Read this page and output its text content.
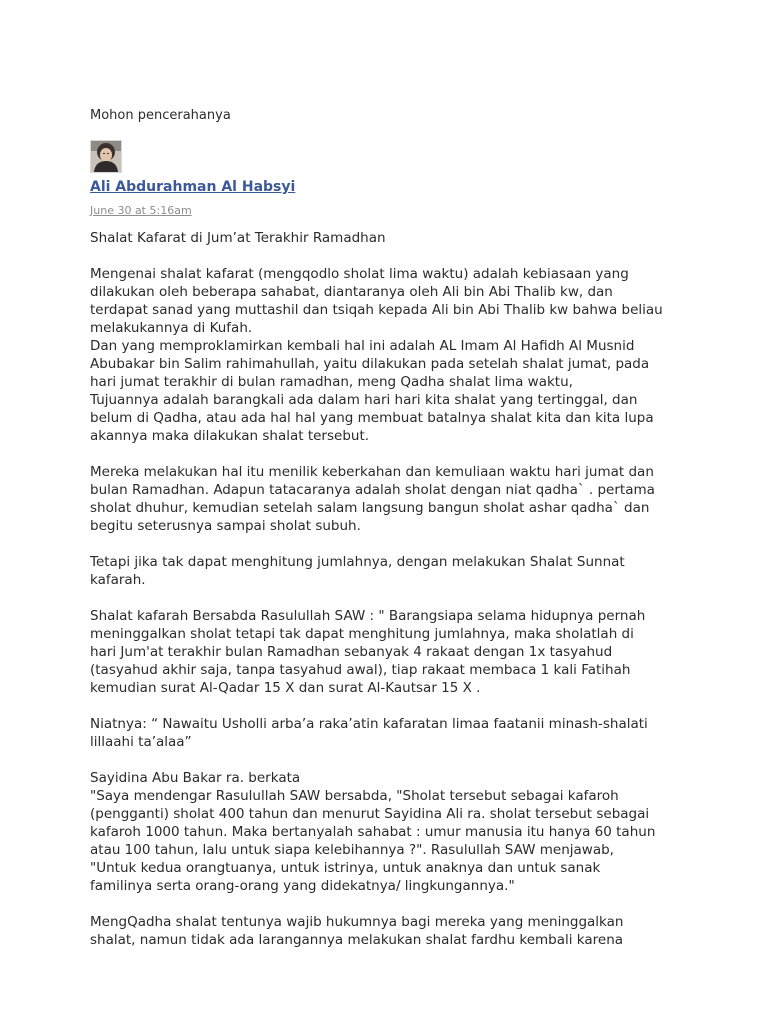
Mohon pencerahanya

Ali Abdurahman Al Habsyi
June 30 at 5:16am

Shalat Kafarat di Jum’at Terakhir Ramadhan

Mengenai shalat kafarat (mengqodlo sholat lima waktu) adalah kebiasaan yang
dilakukan oleh beberapa sahabat, diantaranya oleh Ali bin Abi Thalib kw, dan
terdapat sanad yang muttashil dan tsiqah kepada Ali bin Abi Thalib kw bahwa beliau
melakukannya di Kufah.
Dan yang memproklamirkan kembali hal ini adalah AL Imam Al Hafidh Al Musnid
Abubakar bin Salim rahimahullah, yaitu dilakukan pada setelah shalat jumat, pada
hari jumat terakhir di bulan ramadhan, meng Qadha shalat lima waktu,
Tujuannya adalah barangkali ada dalam hari hari kita shalat yang tertinggal, dan
belum di Qadha, atau ada hal hal yang membuat batalnya shalat kita dan kita lupa
akannya maka dilakukan shalat tersebut.

Mereka melakukan hal itu menilik keberkahan dan kemuliaan waktu hari jumat dan
bulan Ramadhan. Adapun tatacaranya adalah sholat dengan niat qadha` . pertama
sholat dhuhur, kemudian setelah salam langsung bangun sholat ashar qadha` dan
begitu seterusnya sampai sholat subuh.

Tetapi jika tak dapat menghitung jumlahnya, dengan melakukan Shalat Sunnat
kafarah.

Shalat kafarah Bersabda Rasulullah SAW : " Barangsiapa selama hidupnya pernah
meninggalkan sholat tetapi tak dapat menghitung jumlahnya, maka sholatlah di
hari Jum'at terakhir bulan Ramadhan sebanyak 4 rakaat dengan 1x tasyahud
(tasyahud akhir saja, tanpa tasyahud awal), tiap rakaat membaca 1 kali Fatihah
kemudian surat Al-Qadar 15 X dan surat Al-Kautsar 15 X .

Niatnya: “ Nawaitu Usholli arba’a raka’atin kafaratan limaa faatanii minash-shalati
lillaahi ta’alaa”

Sayidina Abu Bakar ra. berkata
"Saya mendengar Rasulullah SAW bersabda, "Sholat tersebut sebagai kafaroh
(pengganti) sholat 400 tahun dan menurut Sayidina Ali ra. sholat tersebut sebagai
kafaroh 1000 tahun. Maka bertanyalah sahabat : umur manusia itu hanya 60 tahun
atau 100 tahun, lalu untuk siapa kelebihannya ?". Rasulullah SAW menjawab,
"Untuk kedua orangtuanya, untuk istrinya, untuk anaknya dan untuk sanak
familinya serta orang-orang yang didekatnya/ lingkungannya."

MengQadha shalat tentunya wajib hukumnya bagi mereka yang meninggalkan
shalat, namun tidak ada larangannya melakukan shalat fardhu kembali karena
